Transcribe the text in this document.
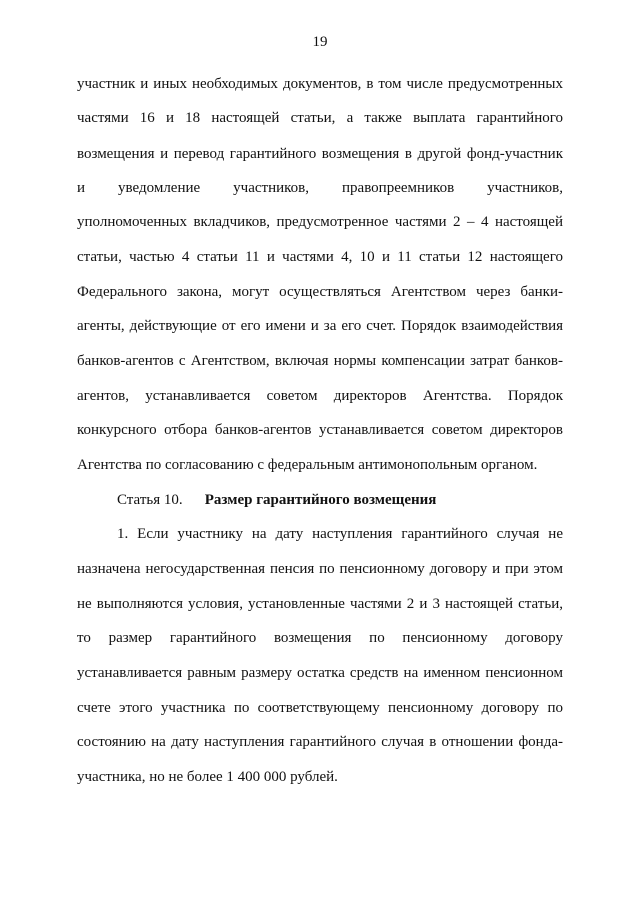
19
участник и иных необходимых документов, в том числе предусмотренных
частями 16 и 18 настоящей статьи, а также выплата гарантийного
возмещения и перевод гарантийного возмещения в другой фонд-участник
и уведомление участников, правопреемников участников,
уполномоченных вкладчиков, предусмотренное частями 2 – 4 настоящей
статьи, частью 4 статьи 11 и частями 4, 10 и 11 статьи 12 настоящего
Федерального закона, могут осуществляться Агентством через банки-
агенты, действующие от его имени и за его счет. Порядок взаимодействия
банков-агентов с Агентством, включая нормы компенсации затрат банков-
агентов, устанавливается советом директоров Агентства. Порядок
конкурсного отбора банков-агентов устанавливается советом директоров
Агентства по согласованию с федеральным антимонопольным органом.
Статья 10. Размер гарантийного возмещения
1. Если участнику на дату наступления гарантийного случая не
назначена негосударственная пенсия по пенсионному договору и при этом
не выполняются условия, установленные частями 2 и 3 настоящей статьи,
то размер гарантийного возмещения по пенсионному договору
устанавливается равным размеру остатка средств на именном пенсионном
счете этого участника по соответствующему пенсионному договору по
состоянию на дату наступления гарантийного случая в отношении фонда-
участника, но не более 1 400 000 рублей.
